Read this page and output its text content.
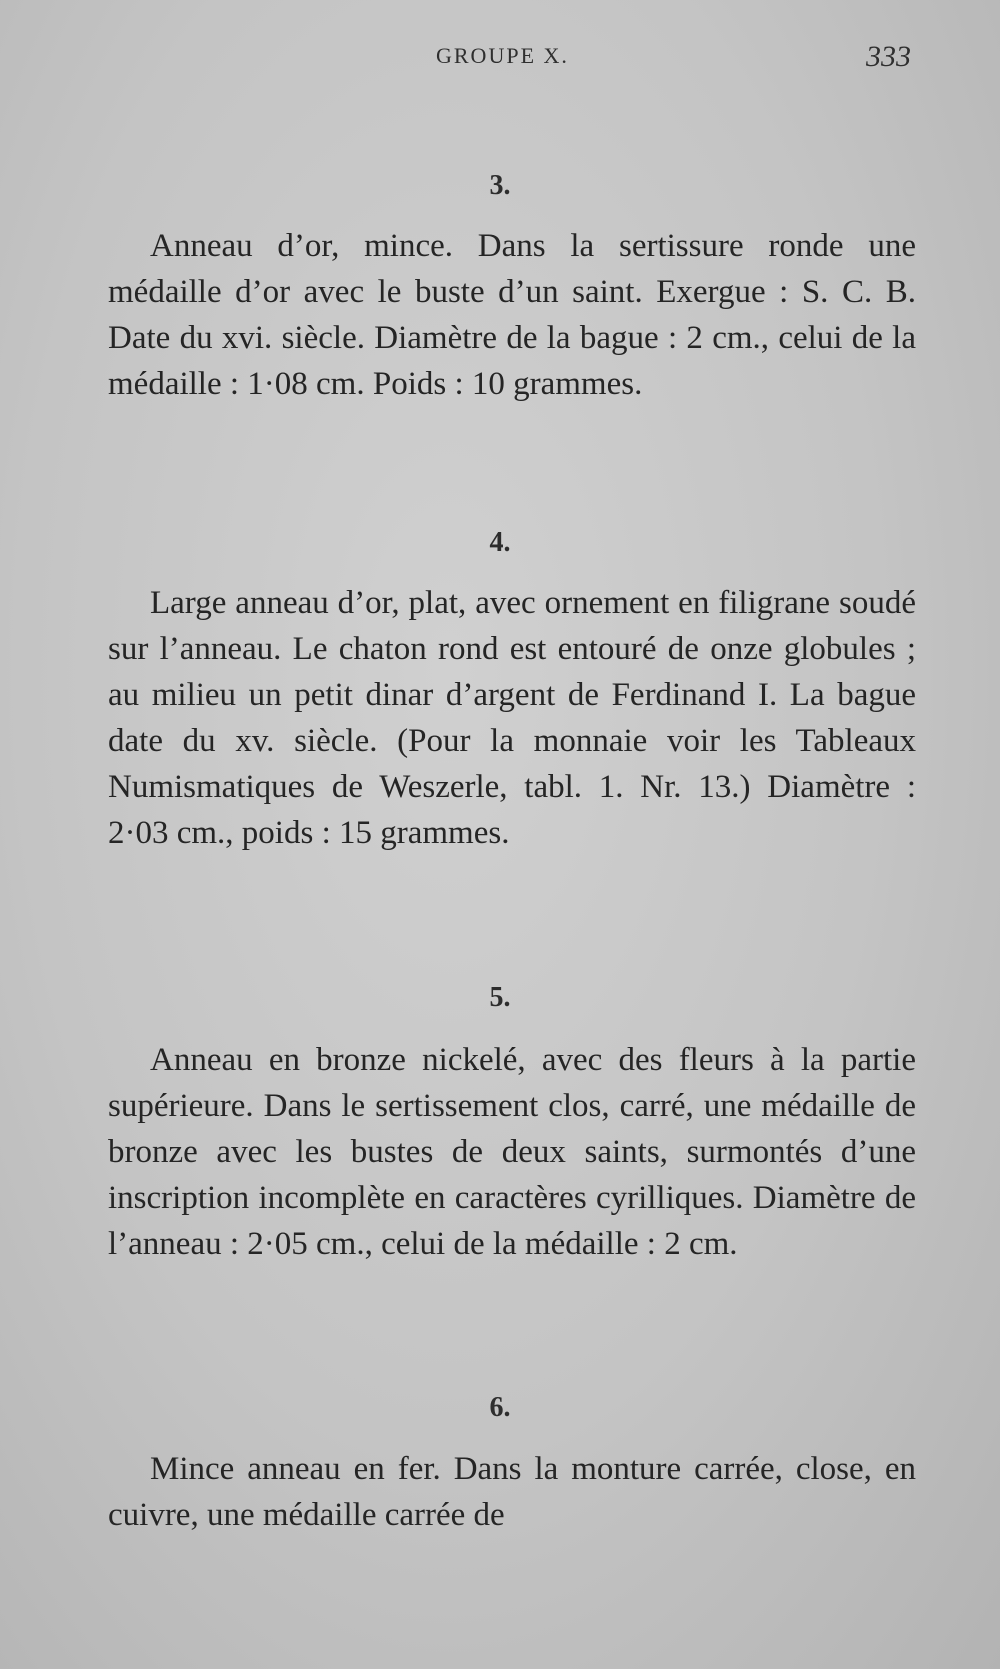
GROUPE X.	333
3.

Anneau d’or, mince. Dans la sertissure ronde une médaille d’or avec le buste d’un saint. Exergue : S. C. B. Date du xvi. siècle. Diamètre de la bague : 2 cm., celui de la médaille : 1·08 cm. Poids : 10 grammes.

4.

Large anneau d’or, plat, avec ornement en filigrane soudé sur l’anneau. Le chaton rond est entouré de onze globules ; au milieu un petit dinar d’argent de Ferdinand I. La bague date du xv. siècle. (Pour la monnaie voir les Tableaux Numismatiques de Weszerle, tabl. 1. Nr. 13.) Diamètre : 2·03 cm., poids : 15 grammes.

5.

Anneau en bronze nickelé, avec des fleurs à la partie supérieure. Dans le sertissement clos, carré, une médaille de bronze avec les bustes de deux saints, surmontés d’une inscription incomplète en caractères cyrilliques. Diamètre de l’anneau : 2·05 cm., celui de la médaille : 2 cm.

6.

Mince anneau en fer. Dans la monture carrée, close, en cuivre, une médaille carrée de
